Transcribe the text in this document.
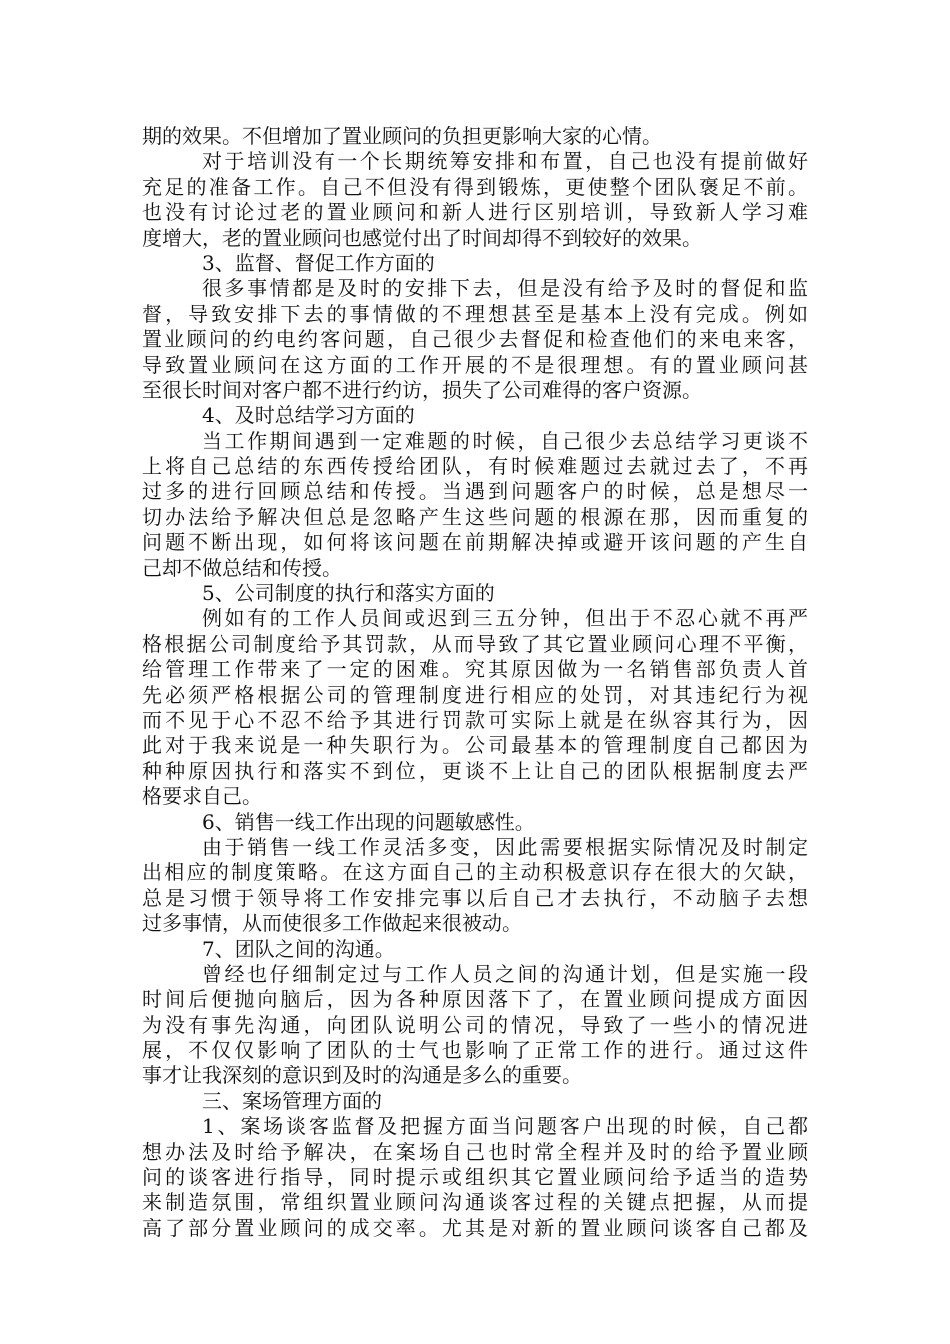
期的效果。不但增加了置业顾问的负担更影响大家的心情。
对于培训没有一个长期统筹安排和布置，自己也没有提前做好
充足的准备工作。自己不但没有得到锻炼，更使整个团队褒足不前。
也没有讨论过老的置业顾问和新人进行区别培训，导致新人学习难
度增大，老的置业顾问也感觉付出了时间却得不到较好的效果。
3、监督、督促工作方面的
很多事情都是及时的安排下去，但是没有给予及时的督促和监
督，导致安排下去的事情做的不理想甚至是基本上没有完成。例如
置业顾问的约电约客问题，自己很少去督促和检查他们的来电来客，
导致置业顾问在这方面的工作开展的不是很理想。有的置业顾问甚
至很长时间对客户都不进行约访，损失了公司难得的客户资源。
4、及时总结学习方面的
当工作期间遇到一定难题的时候，自己很少去总结学习更谈不
上将自己总结的东西传授给团队，有时候难题过去就过去了，不再
过多的进行回顾总结和传授。当遇到问题客户的时候，总是想尽一
切办法给予解决但总是忽略产生这些问题的根源在那，因而重复的
问题不断出现，如何将该问题在前期解决掉或避开该问题的产生自
己却不做总结和传授。
5、公司制度的执行和落实方面的
例如有的工作人员间或迟到三五分钟，但出于不忍心就不再严
格根据公司制度给予其罚款，从而导致了其它置业顾问心理不平衡，
给管理工作带来了一定的困难。究其原因做为一名销售部负责人首
先必须严格根据公司的管理制度进行相应的处罚，对其违纪行为视
而不见于心不忍不给予其进行罚款可实际上就是在纵容其行为，因
此对于我来说是一种失职行为。公司最基本的管理制度自己都因为
种种原因执行和落实不到位，更谈不上让自己的团队根据制度去严
格要求自己。
6、销售一线工作出现的问题敏感性。
由于销售一线工作灵活多变，因此需要根据实际情况及时制定
出相应的制度策略。在这方面自己的主动积极意识存在很大的欠缺，
总是习惯于领导将工作安排完事以后自己才去执行，不动脑子去想
过多事情，从而使很多工作做起来很被动。
7、团队之间的沟通。
曾经也仔细制定过与工作人员之间的沟通计划，但是实施一段
时间后便抛向脑后，因为各种原因落下了，在置业顾问提成方面因
为没有事先沟通，向团队说明公司的情况，导致了一些小的情况进
展，不仅仅影响了团队的士气也影响了正常工作的进行。通过这件
事才让我深刻的意识到及时的沟通是多么的重要。
三、案场管理方面的
1、案场谈客监督及把握方面当问题客户出现的时候，自己都
想办法及时给予解决，在案场自己也时常全程并及时的给予置业顾
问的谈客进行指导，同时提示或组织其它置业顾问给予适当的造势
来制造氛围，常组织置业顾问沟通谈客过程的关键点把握，从而提
高了部分置业顾问的成交率。尤其是对新的置业顾问谈客自己都及
